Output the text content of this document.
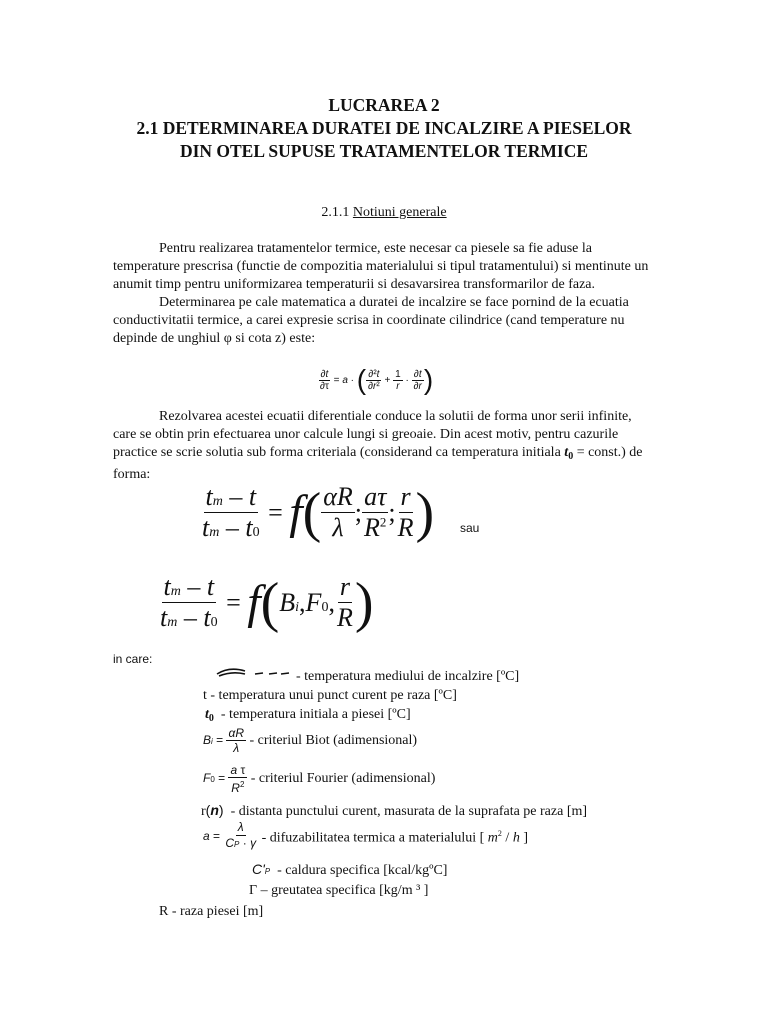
LUCRAREA 2
2.1 DETERMINAREA DURATEI DE INCALZIRE A PIESELOR
DIN OTEL SUPUSE TRATAMENTELOR TERMICE
2.1.1 Notiuni generale

Pentru realizarea tratamentelor termice, este necesar ca piesele sa fie aduse la temperature prescrisa (functie de compozitia materialului si tipul tratamentului) si mentinute un anumit timp pentru uniformizarea temperaturii si desavarsirea transformarilor de faza.

Determinarea pe cale matematica a duratei de incalzire se face pornind de la ecuatia conductivitatii termice, a carei expresie scrisa in coordinate cilindrice (cand temperature nu depinde de unghiul φ si cota z) este:

$\frac{\partial t}{\partial\tau} = a$ · ( $\frac{\text{∂²t}}{\text{∂r²}} + \frac{1}{r} \cdot \frac{\partial t}{\partial r}$ )

Rezolvarea acestei ecuatii diferentiale conduce la solutii de forma unor serii infinite, care se obtin prin efectuarea unor calcule lungi si greoaie. Din acest motiv, pentru cazurile practice se scrie solutia sub forma criteriala (considerand ca temperatura initiala $t_0$ = const.) de forma:

$\frac{tm - t}{tm - t0} = f$ ( $\frac{\alpha R}{\lambda}$ ; $\frac{a\tau}{R^2}$ ; $\frac{r}{R}$ ) sau
$\frac{tm - t}{tm - t0} = f$ ( Bi,F0, $\frac{r}{R}$ )
in care:
- temperatura mediului de incalzire [ºC]
t - temperatura unui punct curent pe raza [ºC]
$t_0$ - temperatura initiala a piesei [ºC]
$Bi = \frac{\alpha R}{\lambda}$ - criteriul Biot (adimensional)
$F0 = \frac{\text{a τ}}{R^2}$ - criteriul Fourier (adimensional)
r(n) - distanta punctului curent, masurata de la suprafata pe raza [m]
$a = \frac{\lambda}{CP \cdot \gamma}$ - difuzabilitatea termica a materialului [ $m^2$ / h ]
C'P - caldura specifica [kcal/kgºC]
Γ – greutatea specifica [kg/m ³ ]
R - raza piesei [m]
